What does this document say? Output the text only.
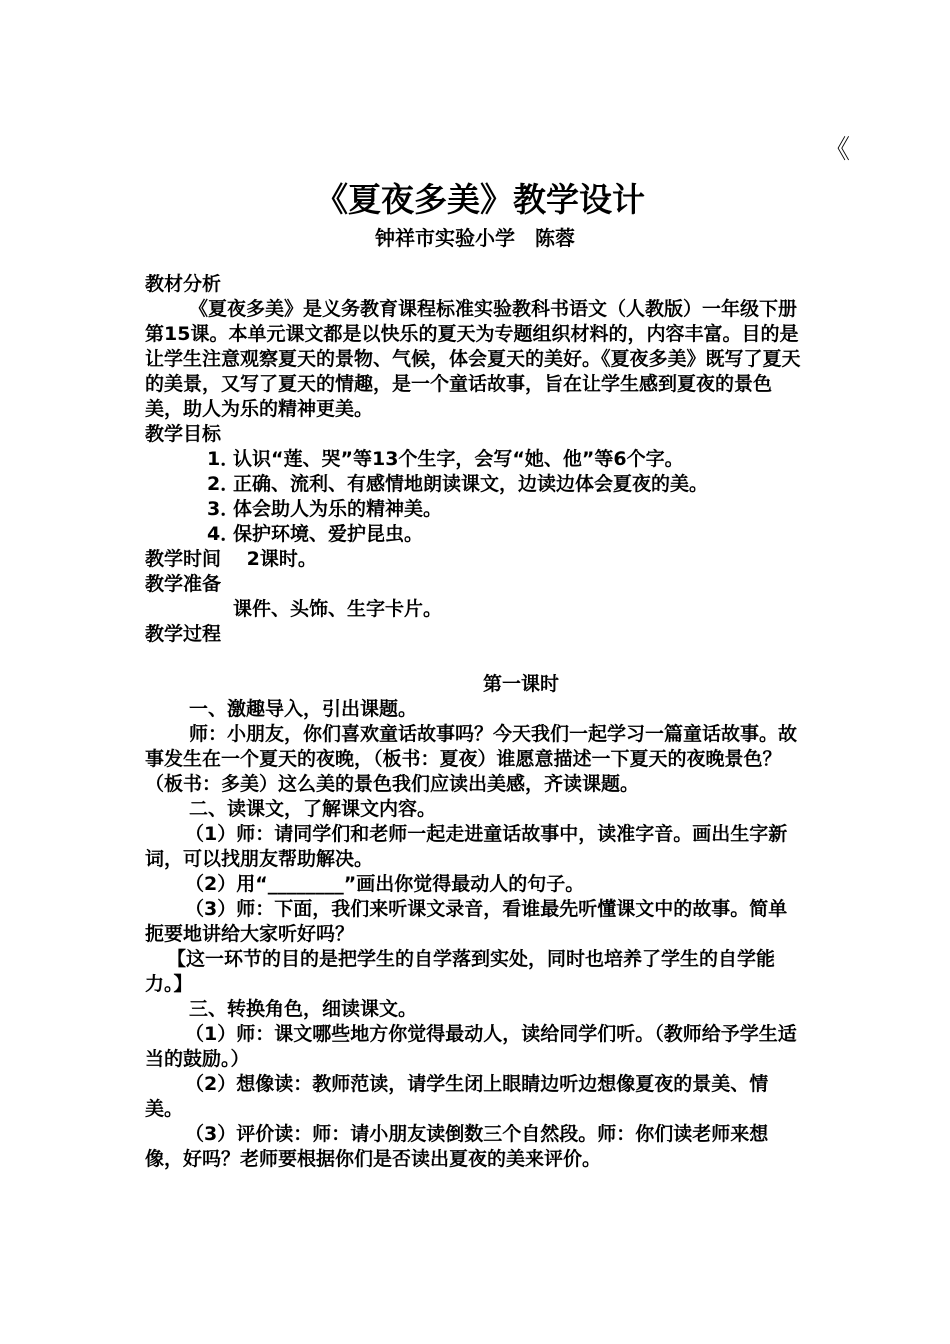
《
《夏夜多美》教学设计
钟祥市实验小学　陈蓉

教材分析

《夏夜多美》是义务教育课程标准实验教科书语文（人教版）一年级下册第15课。本单元课文都是以快乐的夏天为专题组织材料的，内容丰富。目的是让学生注意观察夏天的景物、气候，体会夏天的美好。《夏夜多美》既写了夏天的美景，又写了夏天的情趣，是一个童话故事，旨在让学生感到夏夜的景色美，助人为乐的精神更美。

教学目标

1．认识“莲、哭”等13个生字，会写“她、他”等6个字。

2．正确、流利、有感情地朗读课文，边读边体会夏夜的美。

3．体会助人为乐的精神美。

4．保护环境、爱护昆虫。

教学时间　 2课时。

教学准备

课件、头饰、生字卡片。

教学过程

第一课时

一、激趣导入，引出课题。

师：小朋友，你们喜欢童话故事吗？今天我们一起学习一篇童话故事。故事发生在一个夏天的夜晚，（板书：夏夜）谁愿意描述一下夏天的夜晚景色？（板书：多美）这么美的景色我们应读出美感，齐读课题。

二、读课文，了解课文内容。

（1）师：请同学们和老师一起走进童话故事中，读准字音。画出生字新词，可以找朋友帮助解决。

（2）用“________”画出你觉得最动人的句子。

（3）师：下面，我们来听课文录音，看谁最先听懂课文中的故事。简单扼要地讲给大家听好吗？

【这一环节的目的是把学生的自学落到实处，同时也培养了学生的自学能力。】

三、转换角色，细读课文。

（1）师：课文哪些地方你觉得最动人，读给同学们听。（教师给予学生适当的鼓励。）

（2）想像读：教师范读，请学生闭上眼睛边听边想像夏夜的景美、情美。

（3）评价读：师：请小朋友读倒数三个自然段。师：你们读老师来想像，好吗？老师要根据你们是否读出夏夜的美来评价。
